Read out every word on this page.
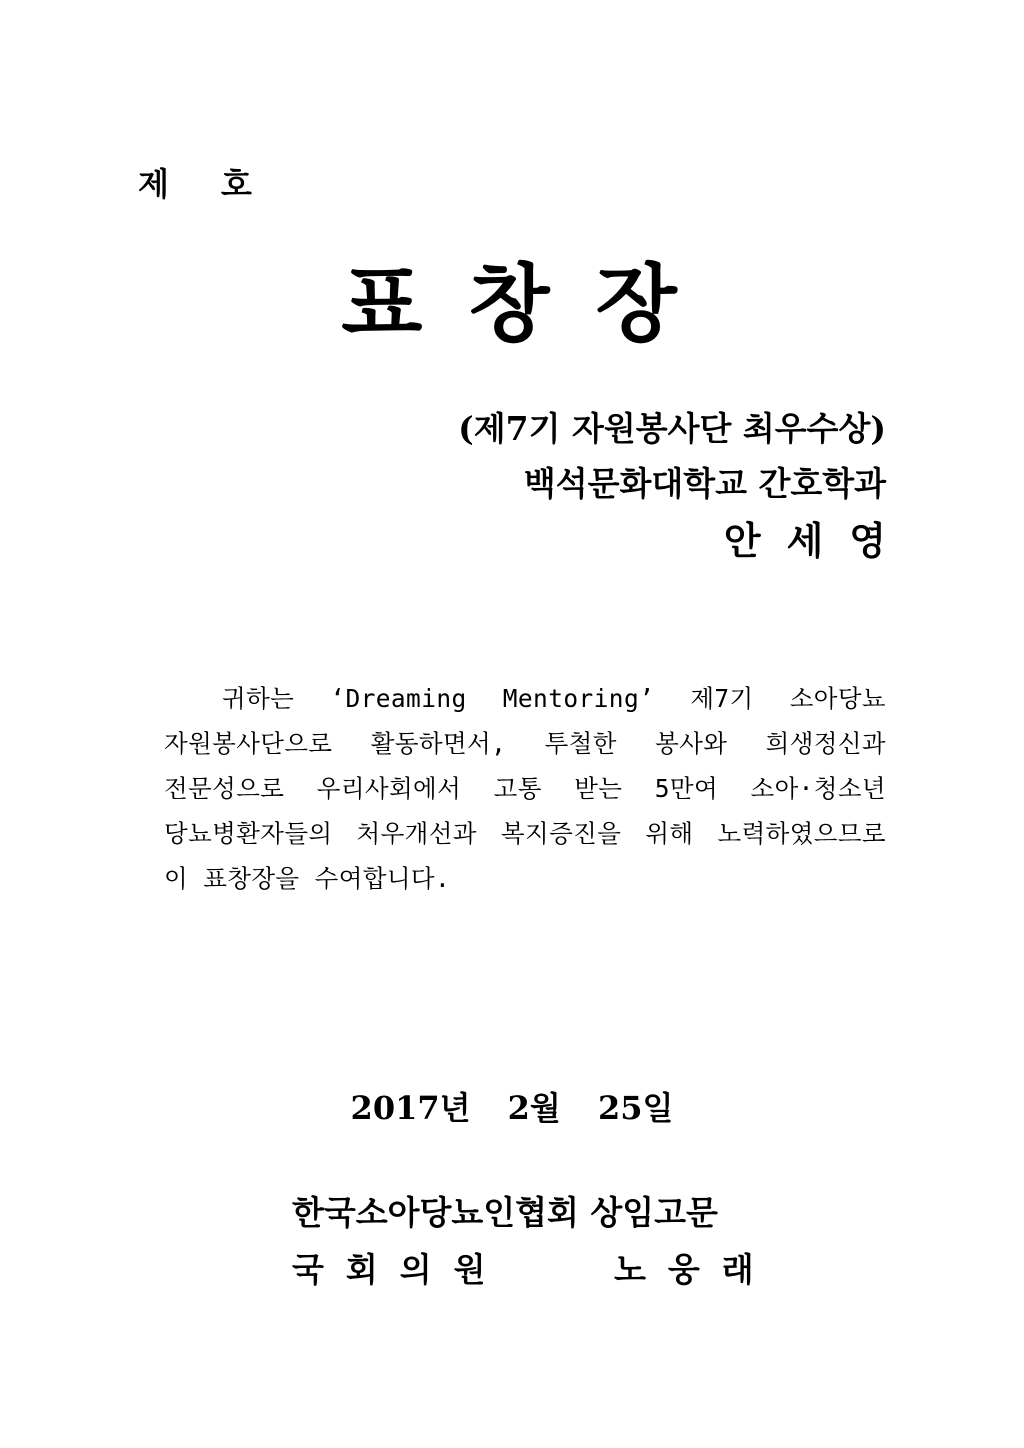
제 호
표창장
(제7기 자원봉사단 최우수상)
백석문화대학교 간호학과
안세영
귀하는 ‘Dreaming Mentoring’ 제7기 소아당뇨 자원봉사단으로 활동하면서, 투철한 봉사와 희생정신과 전문성으로 우리사회에서 고통 받는 5만여 소아·청소년 당뇨병환자들의 처우개선과 복지증진을 위해 노력하였으므로 이 표창장을 수여합니다.
2017년 2월 25일
한국소아당뇨인협회 상임고문
국회의원	노웅래
